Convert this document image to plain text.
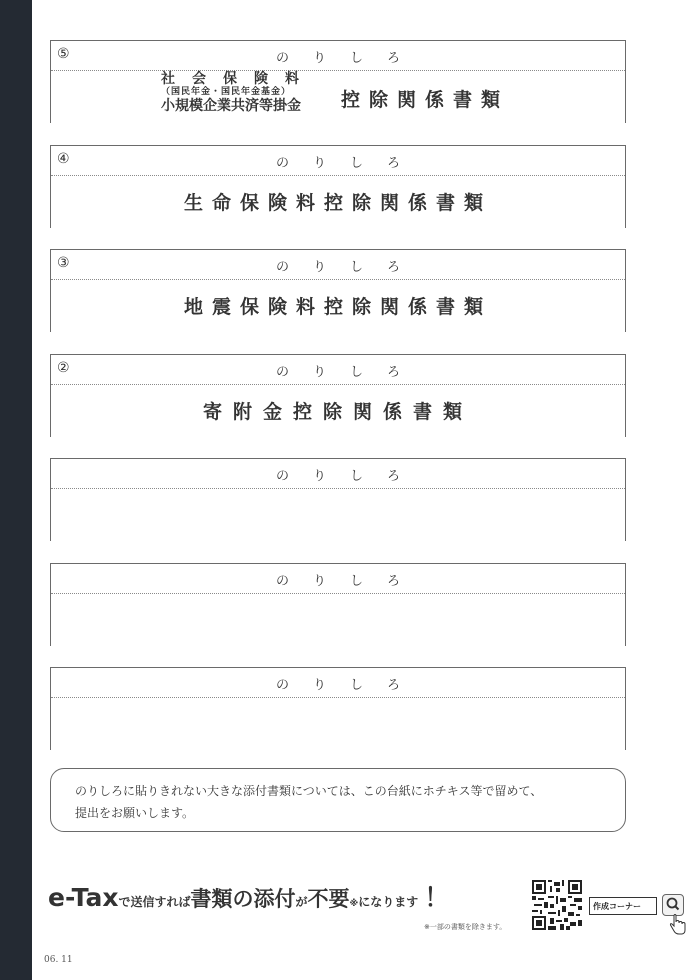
⑤	のりしろ
社会保険料
（国民年金・国民年金基金）
小規模企業共済等掛金	控除関係書類
④	のりしろ
生命保険料控除関係書類
③	のりしろ
地震保険料控除関係書類
②	のりしろ
寄附金控除関係書類
のりしろ
のりしろ
のりしろ
のりしろに貼りきれない大きな添付書類については、この台紙にホチキス等で留めて、
提出をお願いします。
e-Taxで送信すれば書類の添付が不要※になります ！
※一部の書類を除きます。
作成コーナー
06. 11
